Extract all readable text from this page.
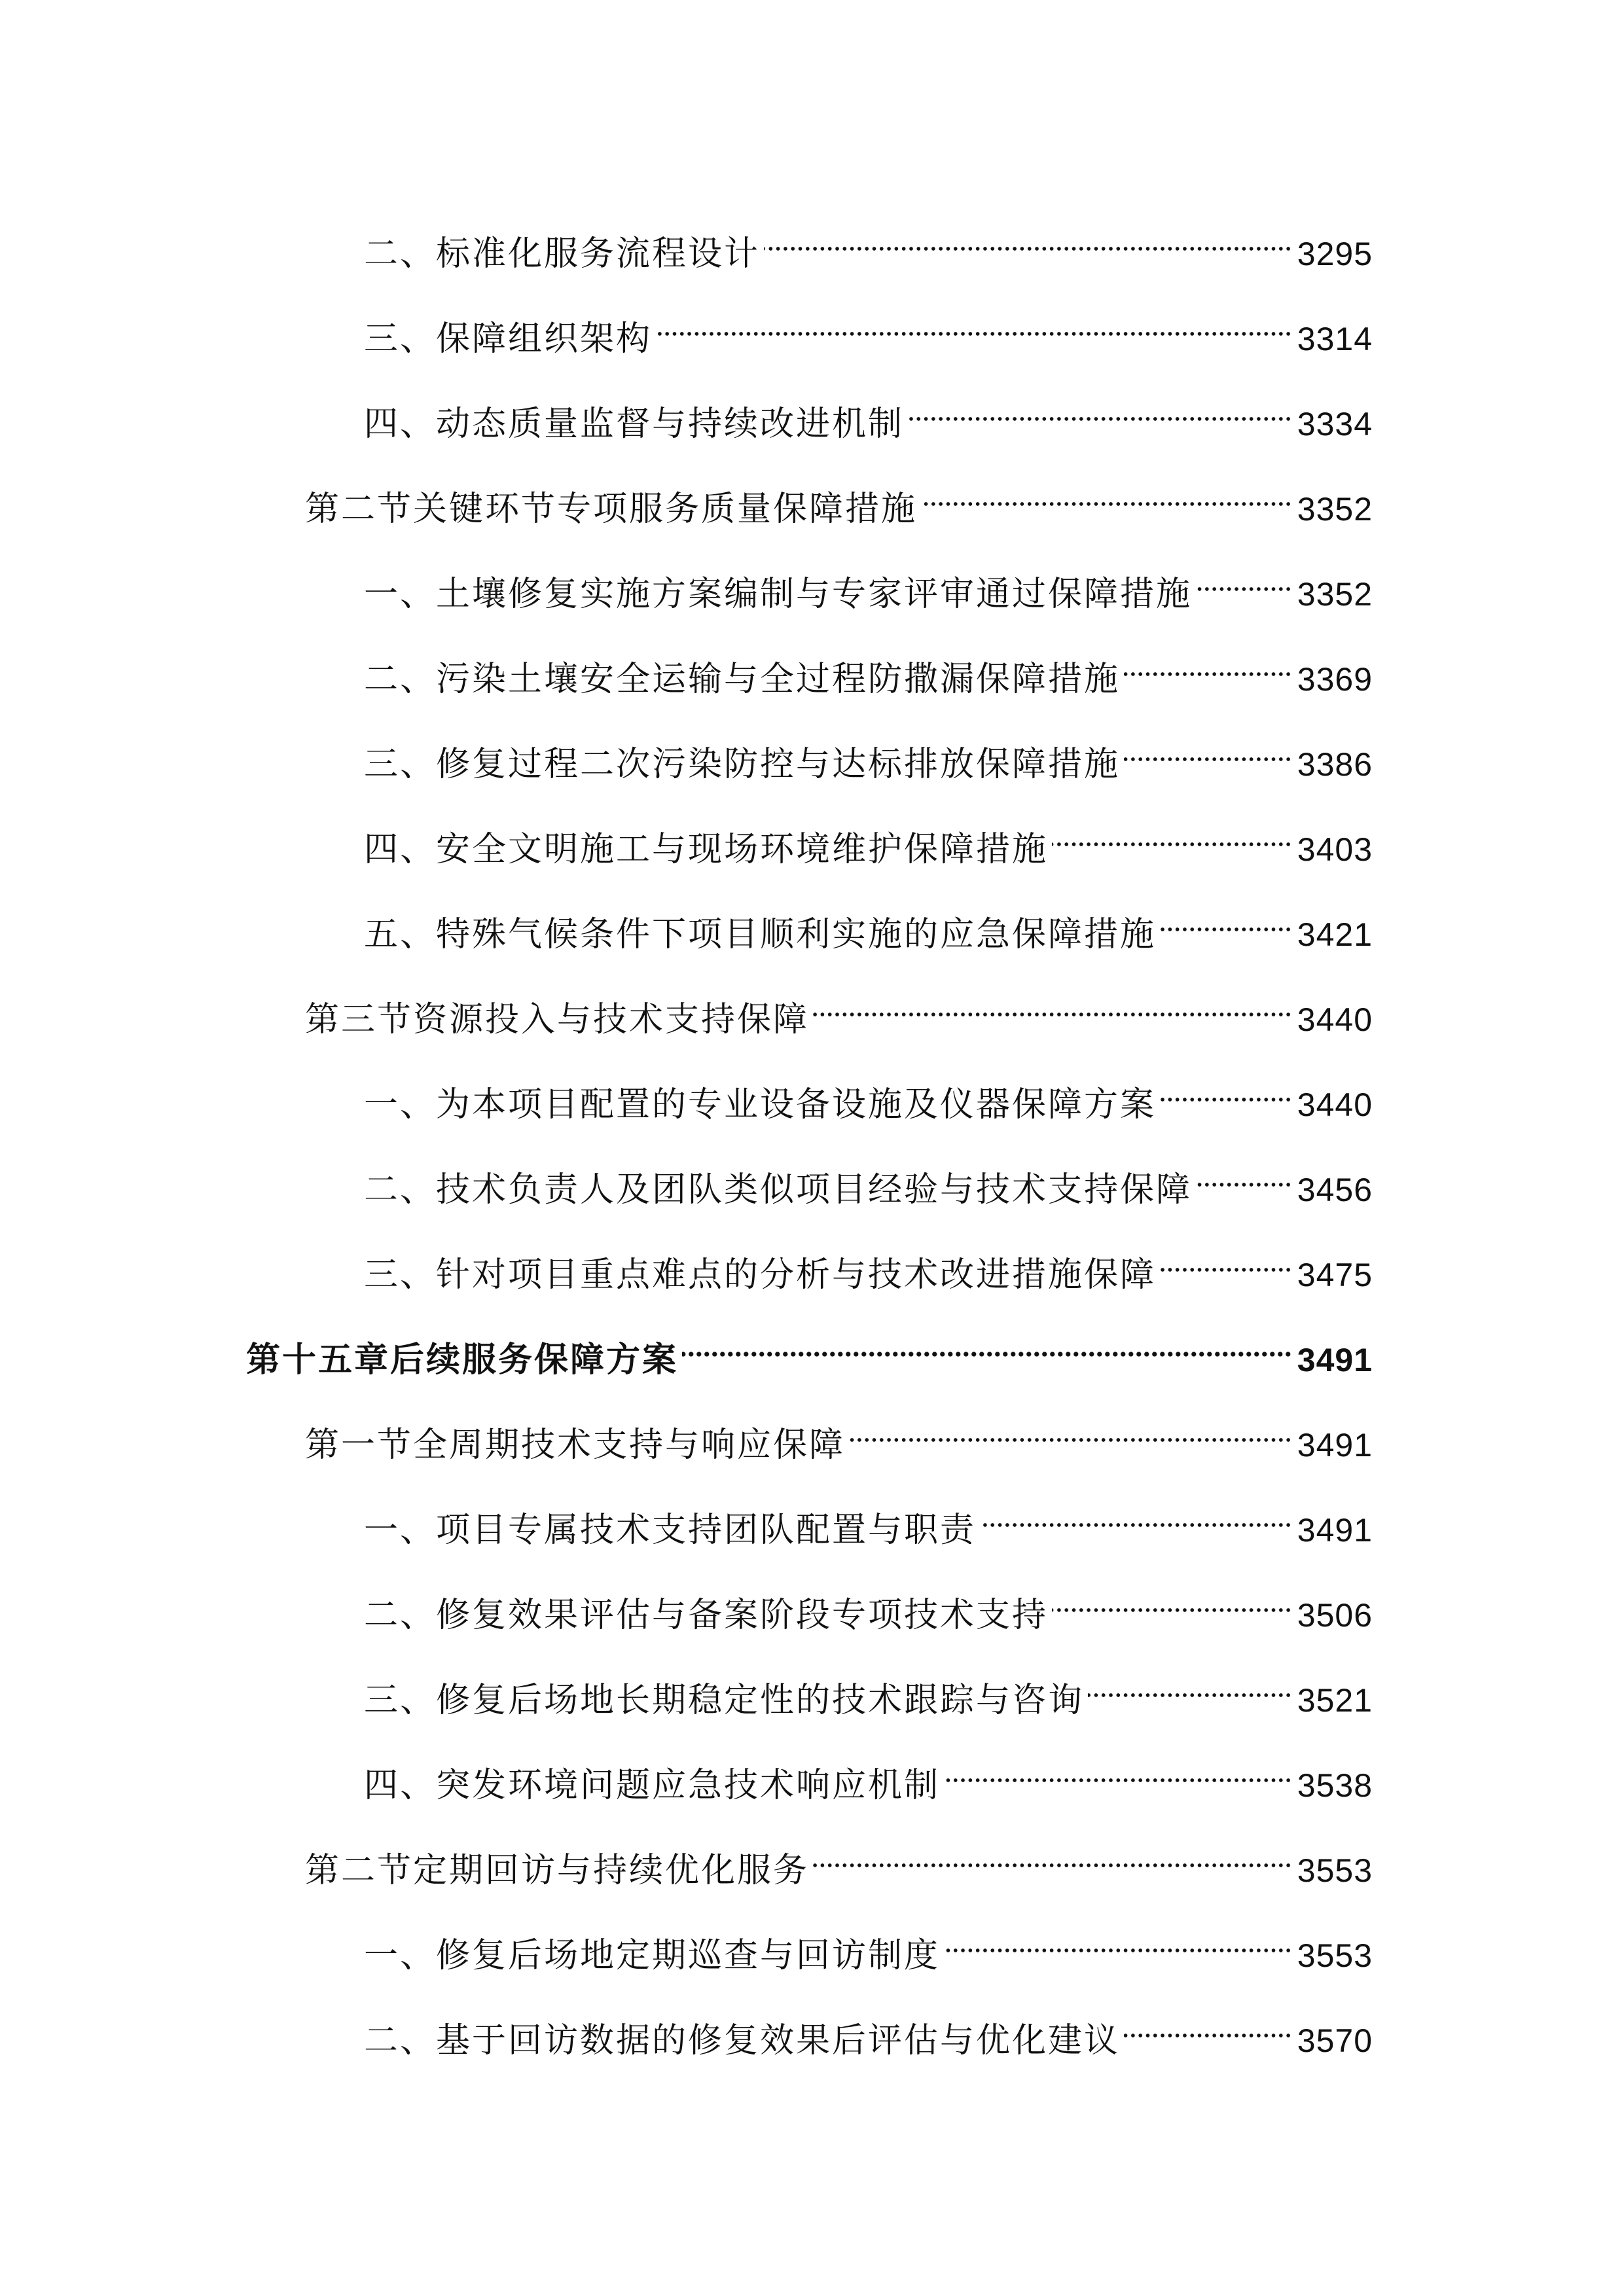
二、标准化服务流程设计	3295
三、保障组织架构	3314
四、动态质量监督与持续改进机制	3334
第二节关键环节专项服务质量保障措施	3352
一、土壤修复实施方案编制与专家评审通过保障措施	3352
二、污染土壤安全运输与全过程防撒漏保障措施	3369
三、修复过程二次污染防控与达标排放保障措施	3386
四、安全文明施工与现场环境维护保障措施	3403
五、特殊气候条件下项目顺利实施的应急保障措施	3421
第三节资源投入与技术支持保障	3440
一、为本项目配置的专业设备设施及仪器保障方案	3440
二、技术负责人及团队类似项目经验与技术支持保障	3456
三、针对项目重点难点的分析与技术改进措施保障	3475
第十五章后续服务保障方案	3491
第一节全周期技术支持与响应保障	3491
一、项目专属技术支持团队配置与职责	3491
二、修复效果评估与备案阶段专项技术支持	3506
三、修复后场地长期稳定性的技术跟踪与咨询	3521
四、突发环境问题应急技术响应机制	3538
第二节定期回访与持续优化服务	3553
一、修复后场地定期巡查与回访制度	3553
二、基于回访数据的修复效果后评估与优化建议	3570
